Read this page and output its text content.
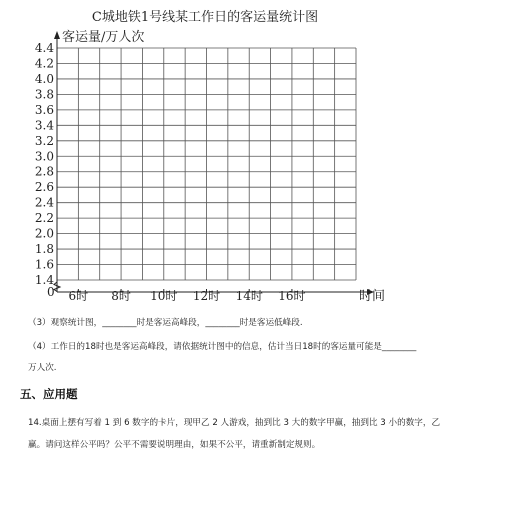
C城地铁1号线某工作日的客运量统计图
客运量/万人次
1.4
1.6
1.8
2.0
2.2
2.4
2.6
2.8
3.0
3.2
3.4
3.6
3.8
4.0
4.2
4.4
6时 8时 10时 12时 14时 16时
0	时间
（3）观察统计图，________时是客运高峰段，________时是客运低峰段.
（4）工作日的18时也是客运高峰段，请依据统计图中的信息，估计当日18时的客运量可能是________
万人次.
五、应用题
14.桌面上摆有写着 1 到 6 数字的卡片，现甲乙 2 人游戏，抽到比 3 大的数字甲赢，抽到比 3 小的数字，乙
赢。请问这样公平吗？公平不需要说明理由，如果不公平，请重新制定规则。
